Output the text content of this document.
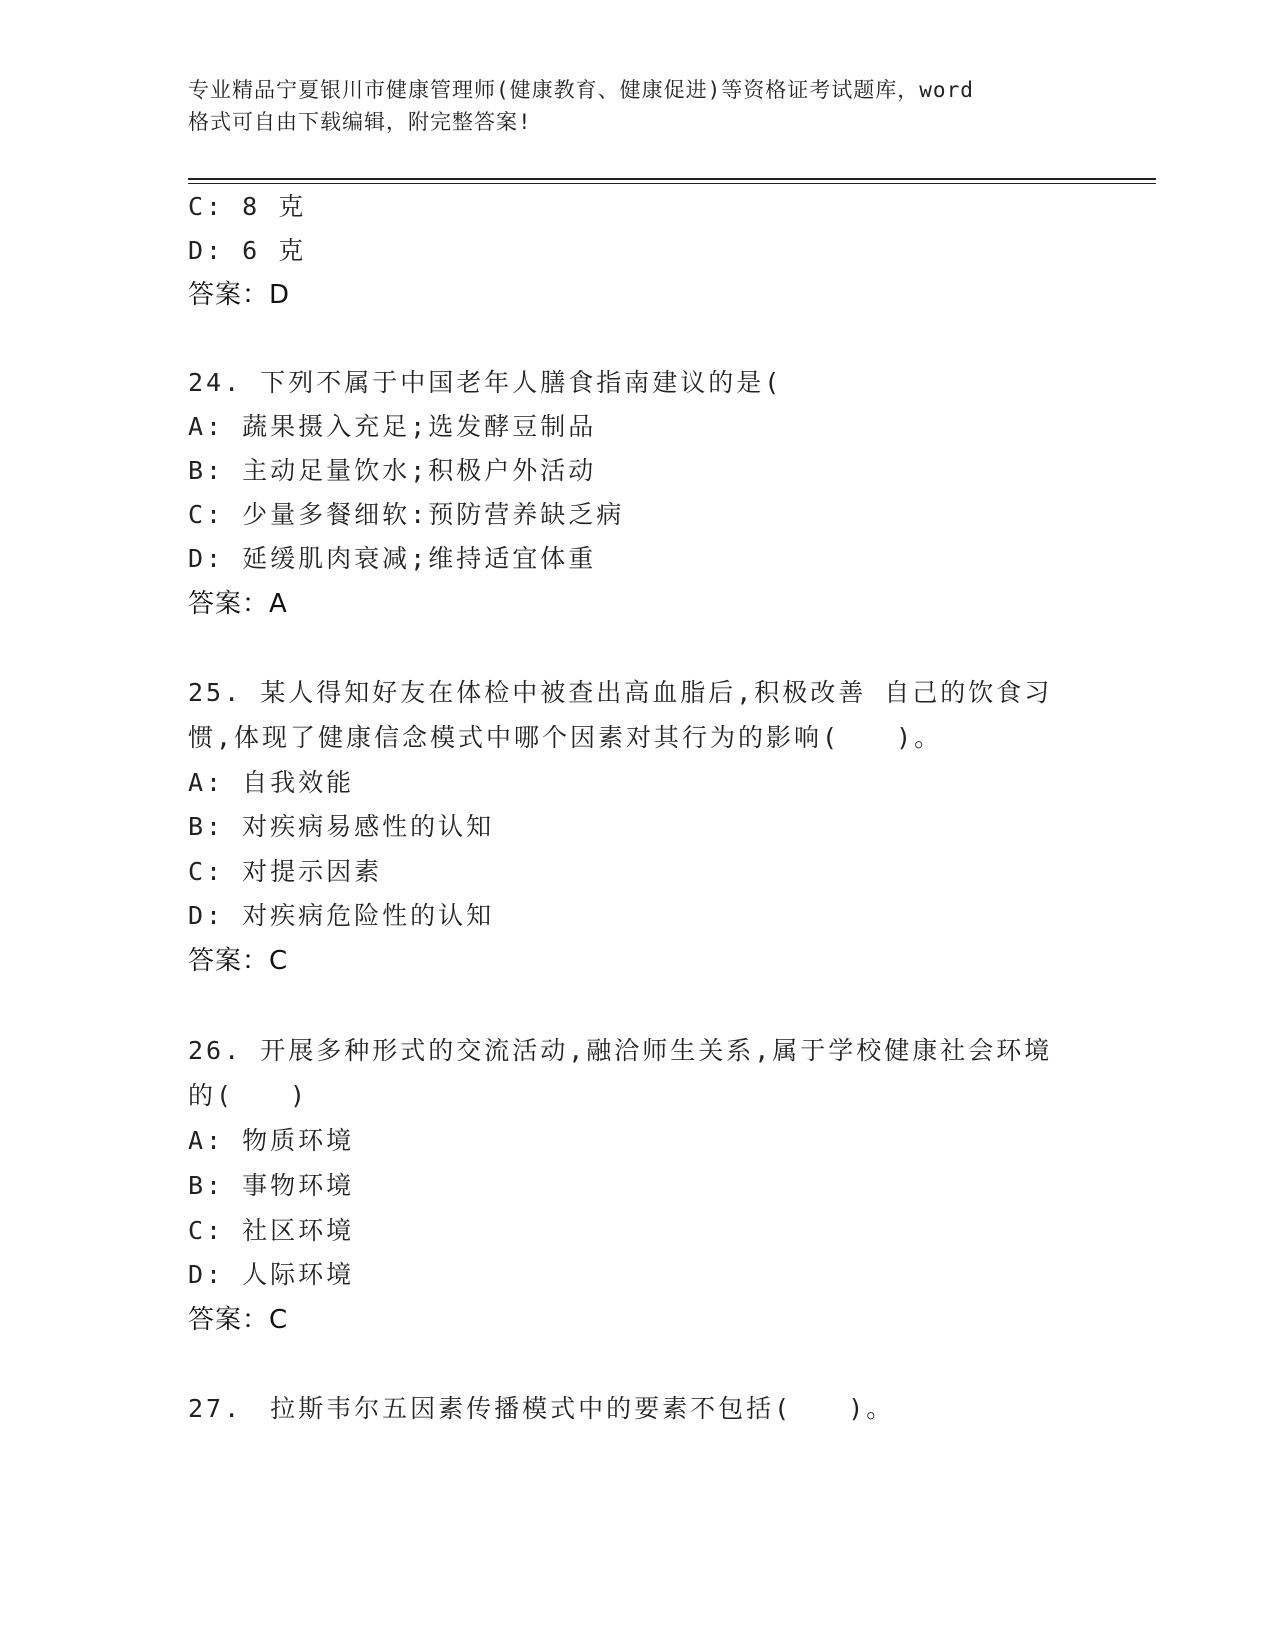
专业精品宁夏银川市健康管理师(健康教育、健康促进)等资格证考试题库，word
格式可自由下载编辑，附完整答案!
C: 8 克
D: 6 克
答案：D
24. 下列不属于中国老年人膳食指南建议的是(
A: 蔬果摄入充足;选发酵豆制品
B: 主动足量饮水;积极户外活动
C: 少量多餐细软:预防营养缺乏病
D: 延缓肌肉衰减;维持适宜体重
答案：A
25. 某人得知好友在体检中被查出高血脂后,积极改善 自己的饮食习
惯,体现了健康信念模式中哪个因素对其行为的影响(　　)。
A: 自我效能
B: 对疾病易感性的认知
C: 对提示因素
D: 对疾病危险性的认知
答案：C
26. 开展多种形式的交流活动,融洽师生关系,属于学校健康社会环境
的(　　)
A: 物质环境
B: 事物环境
C: 社区环境
D: 人际环境
答案：C
27.　拉斯韦尔五因素传播模式中的要素不包括(　　)。
